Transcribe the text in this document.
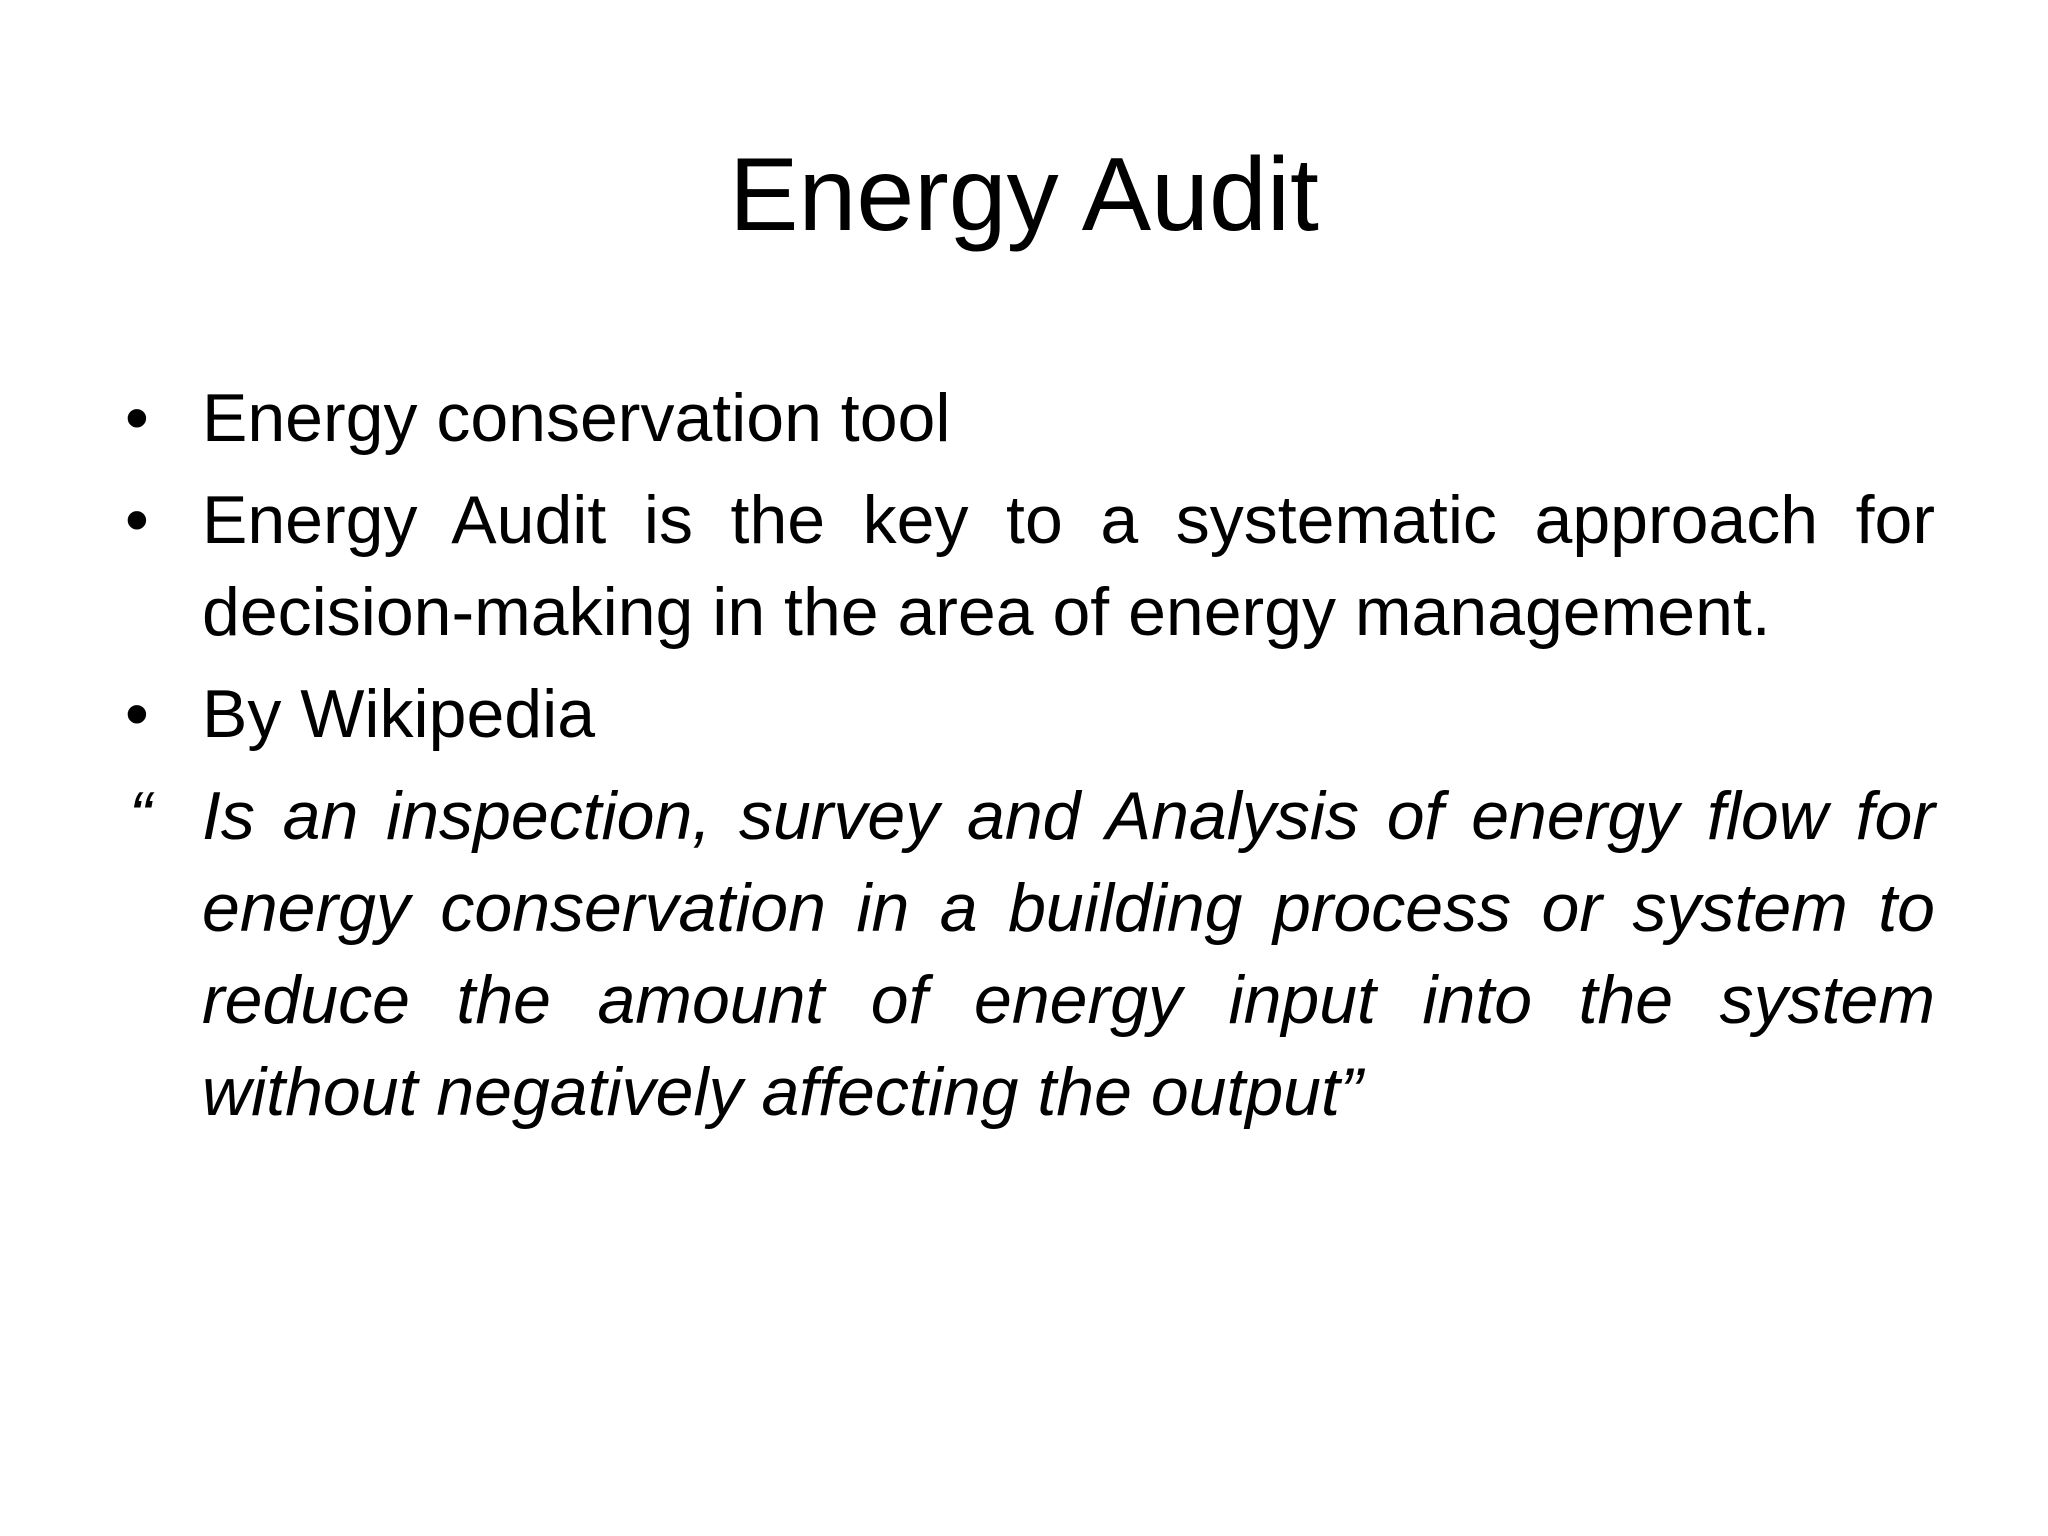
Energy Audit
• Energy conservation tool
• Energy Audit is the key to a systematic approach for decision-making in the area of energy management.
• By Wikipedia
“ Is an inspection, survey and Analysis of energy flow for energy conservation in a building process or system to reduce the amount of energy input into the system without negatively affecting the output”
